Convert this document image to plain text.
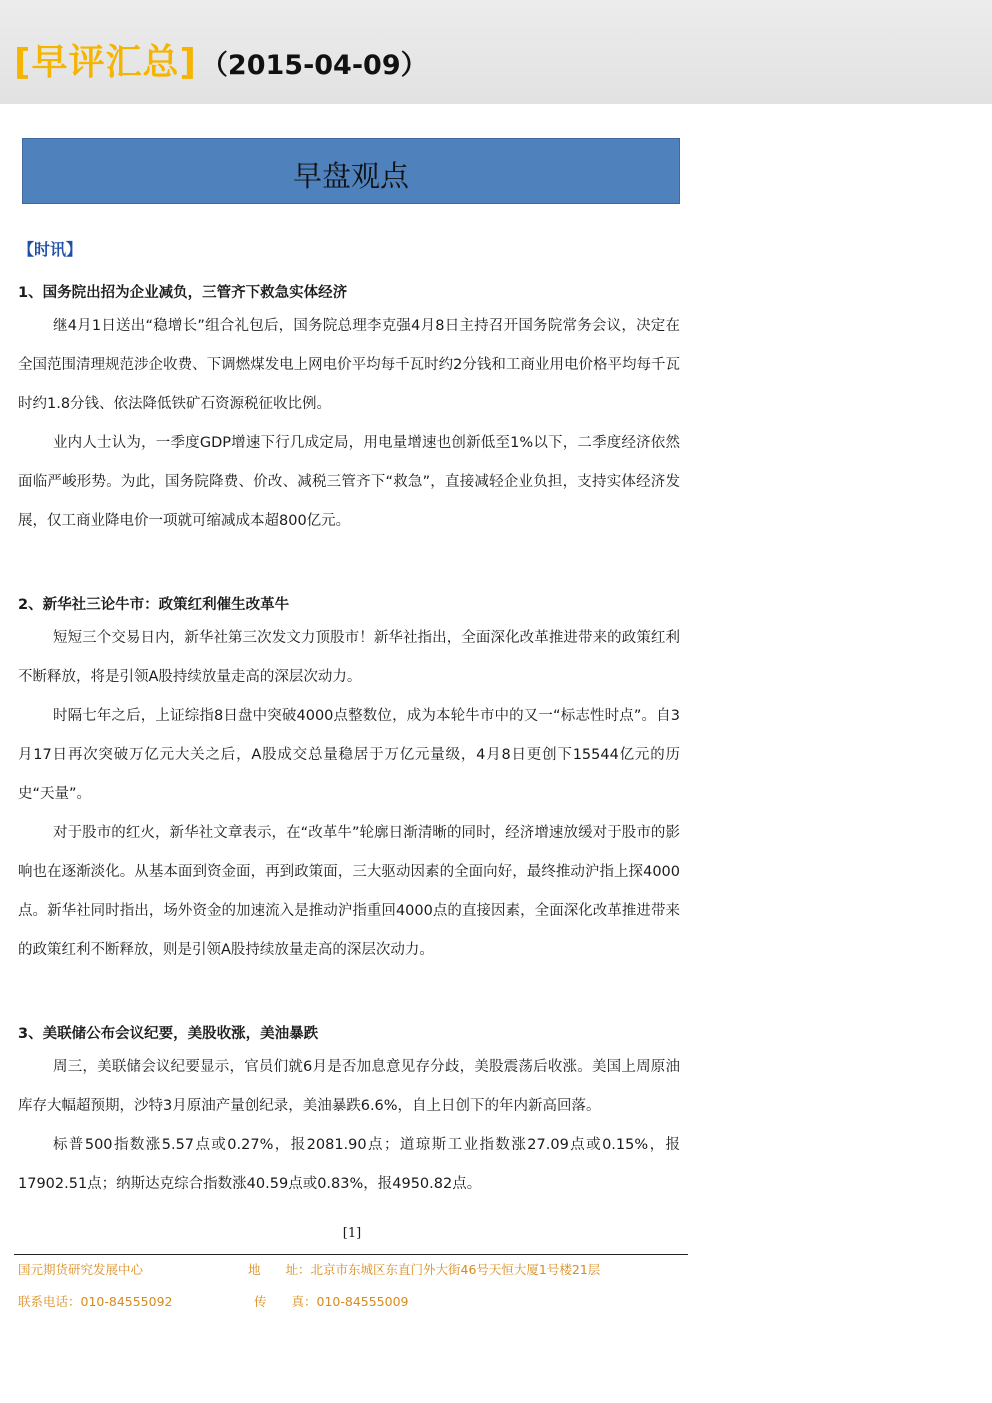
[早评汇总] （2015-04-09）
早盘观点
【时讯】
1、国务院出招为企业减负，三管齐下救急实体经济

继4月1日送出“稳增长”组合礼包后，国务院总理李克强4月8日主持召开国务院常务会议，决定在全国范围清理规范涉企收费、下调燃煤发电上网电价平均每千瓦时约2分钱和工商业用电价格平均每千瓦时约1.8分钱、依法降低铁矿石资源税征收比例。

业内人士认为，一季度GDP增速下行几成定局，用电量增速也创新低至1%以下，二季度经济依然面临严峻形势。为此，国务院降费、价改、减税三管齐下“救急”，直接减轻企业负担，支持实体经济发展，仅工商业降电价一项就可缩减成本超800亿元。

2、新华社三论牛市：政策红利催生改革牛

短短三个交易日内，新华社第三次发文力顶股市！新华社指出，全面深化改革推进带来的政策红利不断释放，将是引领A股持续放量走高的深层次动力。

时隔七年之后，上证综指8日盘中突破4000点整数位，成为本轮牛市中的又一“标志性时点”。自3月17日再次突破万亿元大关之后，A股成交总量稳居于万亿元量级，4月8日更创下15544亿元的历史“天量”。

对于股市的红火，新华社文章表示，在“改革牛”轮廓日渐清晰的同时，经济增速放缓对于股市的影响也在逐渐淡化。从基本面到资金面，再到政策面，三大驱动因素的全面向好，最终推动沪指上探4000点。新华社同时指出，场外资金的加速流入是推动沪指重回4000点的直接因素，全面深化改革推进带来的政策红利不断释放，则是引领A股持续放量走高的深层次动力。

3、美联储公布会议纪要，美股收涨，美油暴跌

周三，美联储会议纪要显示，官员们就6月是否加息意见存分歧，美股震荡后收涨。美国上周原油库存大幅超预期，沙特3月原油产量创纪录，美油暴跌6.6%，自上日创下的年内新高回落。

标普500指数涨5.57点或0.27%，报2081.90点；道琼斯工业指数涨27.09点或0.15%，报17902.51点；纳斯达克综合指数涨40.59点或0.83%，报4950.82点。

[1]
国元期货研究发展中心	地　　址：北京市东城区东直门外大街46号天恒大厦1号楼21层
联系电话：010-84555092	传　　真：010-84555009
